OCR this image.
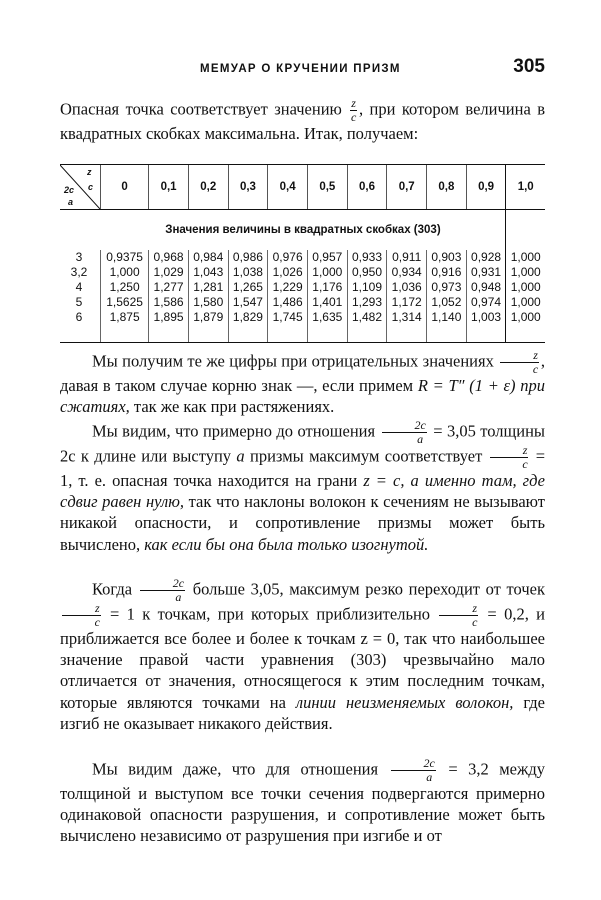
МЕМУАР О КРУЧЕНИИ ПРИЗМ	305

Опасная точка соответствует значению $\frac{z}{c}$ , при котором величина в квадратных скобках максимальна. Итак, получаем:

z
c
2c
a	0	0,1	0,2	0,3	0,4	0,5	0,6	0,7	0,8	0,9	1,0
	Значения величины в квадратных скобках (303)										
3	0,9375	0,968	0,984	0,986	0,976	0,957	0,933	0,911	0,903	0,928	1,000
3,2	1,000	1,029	1,043	1,038	1,026	1,000	0,950	0,934	0,916	0,931	1,000
4	1,250	1,277	1,281	1,265	1,229	1,176	1,109	1,036	0,973	0,948	1,000
5	1,5625	1,586	1,580	1,547	1,486	1,401	1,293	1,172	1,052	0,974	1,000
6	1,875	1,895	1,879	1,829	1,745	1,635	1,482	1,314	1,140	1,003	1,000

Мы получим те же цифры при отрицательных значениях $\frac{z}{c}$ , давая в таком случае корню знак —, если примем R = T″ (1 + ε) при сжатиях, так же как при растяжениях.

Мы видим, что примерно до отношения $\frac{2c}{a} = 3,05$ толщины 2c к длине или выступу a призмы максимум соответствует $\frac{z}{c} = 1$, т. е. опасная точка находится на грани z = c, а именно там, где сдвиг равен нулю, так что наклоны волокон к сечениям не вызывают никакой опасности, и сопротивление призмы может быть вычислено, как если бы она была только изогнутой.

Когда $\frac{2c}{a}$ больше 3,05, максимум резко переходит от точек
$\frac{z}{c} = 1$ к точкам, при которых приблизительно $\frac{z}{c} = 0,2$, и приближается все более и более к точкам z = 0, так что наибольшее значение правой части уравнения (303) чрезвычайно мало отличается от значения, относящегося к этим последним точкам, которые являются точками на линии неизменяемых волокон, где изгиб не оказывает никакого действия.

Мы видим даже, что для отношения $\frac{2c}{a} = 3,2$ между толщиной и выступом все точки сечения подвергаются примерно одинаковой опасности разрушения, и сопротивление может быть вычислено независимо от разрушения при изгибе и от
